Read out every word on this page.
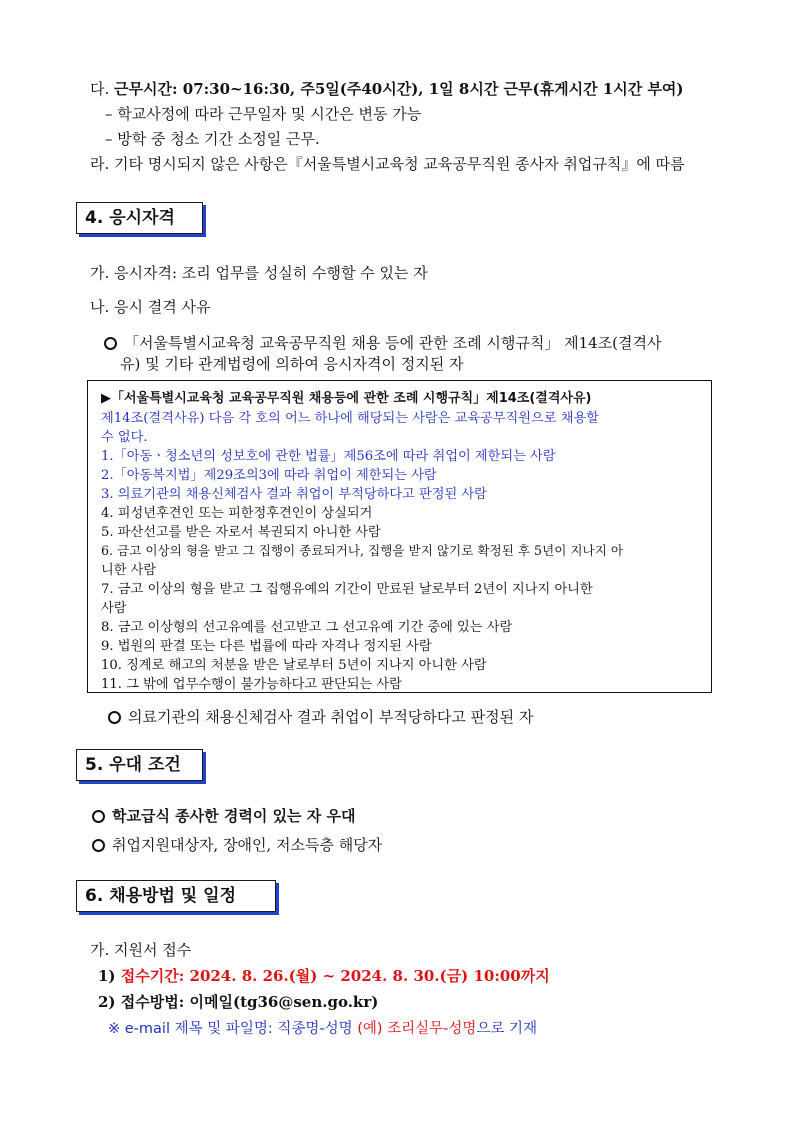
다. 근무시간: 07:30~16:30, 주5일(주40시간), 1일 8시간 근무(휴게시간 1시간 부여)
– 학교사정에 따라 근무일자 및 시간은 변동 가능
– 방학 중 청소 기간 소정일 근무.
라. 기타 명시되지 않은 사항은『서울특별시교육청 교육공무직원 종사자 취업규칙』에 따름
4. 응시자격
가. 응시자격: 조리 업무를 성실히 수행할 수 있는 자
나. 응시 결격 사유
「서울특별시교육청 교육공무직원 채용 등에 관한 조례 시행규칙」 제14조(결격사
유) 및 기타 관계법령에 의하여 응시자격이 정지된 자
▶「서울특별시교육청 교육공무직원 채용등에 관한 조례 시행규칙」제14조(결격사유)
제14조(결격사유) 다음 각 호의 어느 하나에 해당되는 사람은 교육공무직원으로 채용할
수 없다.
1.「아동ㆍ청소년의 성보호에 관한 법률」제56조에 따라 취업이 제한되는 사람
2.「아동복지법」제29조의3에 따라 취업이 제한되는 사람
3. 의료기관의 채용신체검사 결과 취업이 부적당하다고 판정된 사람
4. 피성년후견인 또는 피한정후견인이 상실되거
5. 파산선고를 받은 자로서 복권되지 아니한 사람
6. 금고 이상의 형을 받고 그 집행이 종료되거나, 집행을 받지 않기로 확정된 후 5년이 지나지 아
니한 사람
7. 금고 이상의 형을 받고 그 집행유예의 기간이 만료된 날로부터 2년이 지나지 아니한
사람
8. 금고 이상형의 선고유예를 선고받고 그 선고유예 기간 중에 있는 사람
9. 법원의 판결 또는 다른 법률에 따라 자격나 정지된 사람
10. 징계로 해고의 처분을 받은 날로부터 5년이 지나지 아니한 사람
11. 그 밖에 업무수행이 불가능하다고 판단되는 사람
의료기관의 채용신체검사 결과 취업이 부적당하다고 판정된 자
5. 우대 조건
학교급식 종사한 경력이 있는 자 우대
취업지원대상자, 장애인, 저소득층 해당자
6. 채용방법 및 일정
가. 지원서 접수
1) 접수기간: 2024. 8. 26.(월) ~ 2024. 8. 30.(금) 10:00까지
2) 접수방법: 이메일(tg36@sen.go.kr)
※ e-mail 제목 및 파일명: 직종명-성명 (예) 조리실무-성명으로 기재
